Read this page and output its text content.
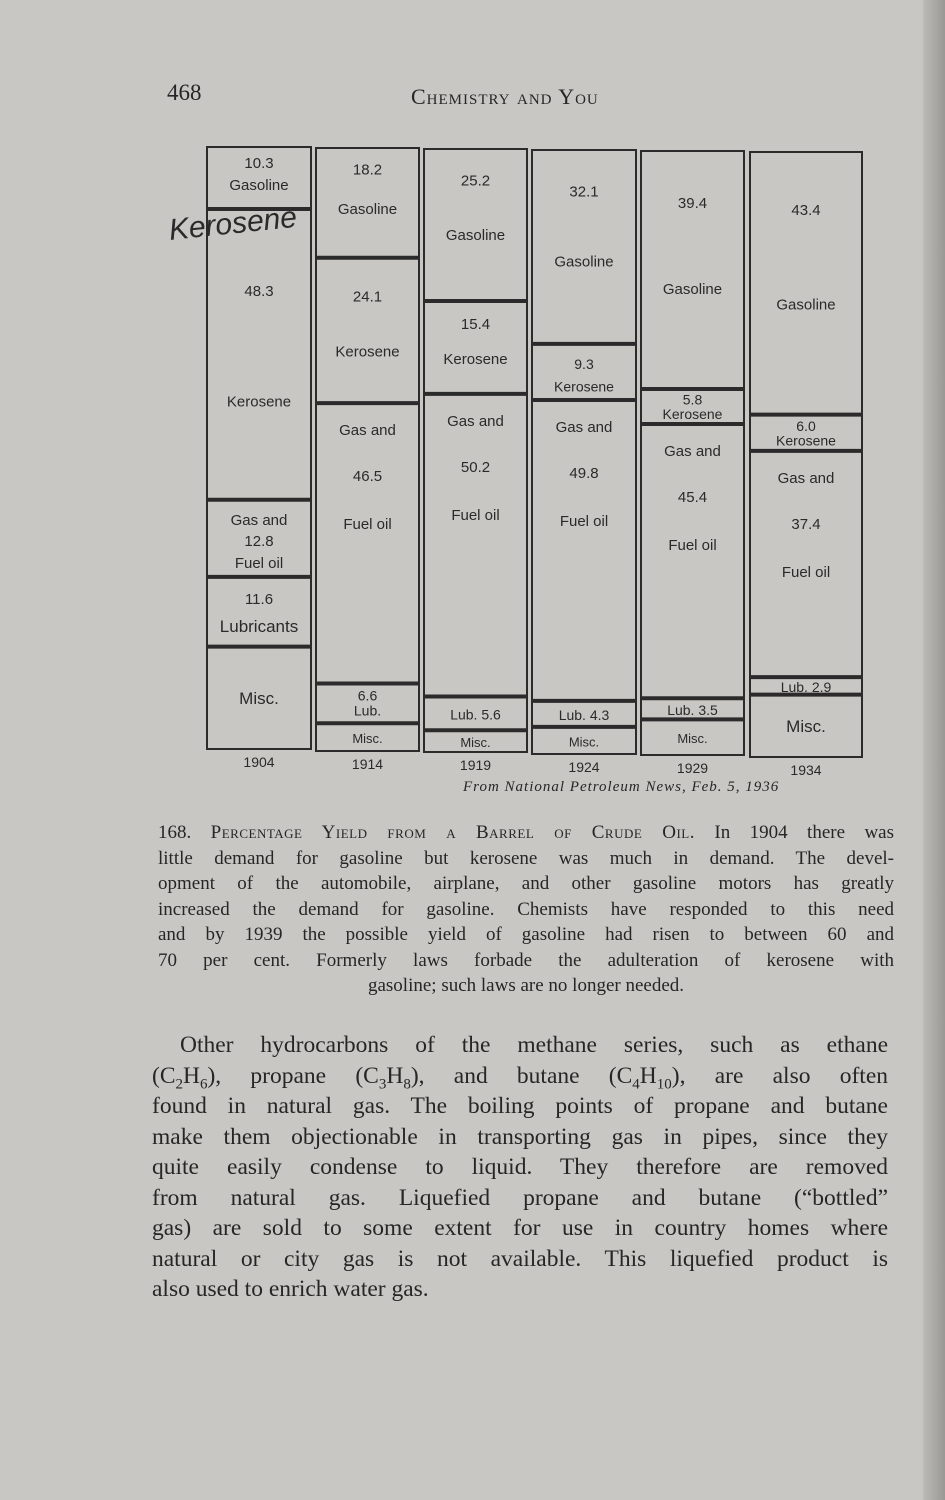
468	Chemistry and You
10.3
Gasoline
48.3
Kerosene
Gas and
12.8
Fuel oil
11.6
Lubricants
Misc.
1904
18.2
Gasoline
24.1
Kerosene
Gas and
46.5
Fuel oil
6.6
Lub.
Misc.
1914
25.2
Gasoline
15.4
Kerosene
Gas and
50.2
Fuel oil
Lub. 5.6
Misc.
1919
32.1
Gasoline
9.3
Kerosene
Gas and
49.8
Fuel oil
Lub. 4.3
Misc.
1924
39.4
Gasoline
5.8
Kerosene
Gas and
45.4
Fuel oil
Lub. 3.5
Misc.
1929
43.4
Gasoline
6.0
Kerosene
Gas and
37.4
Fuel oil
Lub. 2.9
Misc.
1934
Kerosene
From National Petroleum News, Feb. 5, 1936
168. Percentage Yield from a Barrel of Crude Oil. In 1904 there was
little demand for gasoline but kerosene was much in demand. The devel-
opment of the automobile, airplane, and other gasoline motors has greatly
increased the demand for gasoline. Chemists have responded to this need
and by 1939 the possible yield of gasoline had risen to between 60 and
70 per cent. Formerly laws forbade the adulteration of kerosene with
gasoline; such laws are no longer needed.
Other hydrocarbons of the methane series, such as ethane
$(C_2H_6)$, propane $(C_3H_8)$, and butane $(C_4H_{10})$, are also often
found in natural gas. The boiling points of propane and butane
make them objectionable in transporting gas in pipes, since they
quite easily condense to liquid. They therefore are removed
from natural gas. Liquefied propane and butane (“bottled”
gas) are sold to some extent for use in country homes where
natural or city gas is not available. This liquefied product is
also used to enrich water gas.
